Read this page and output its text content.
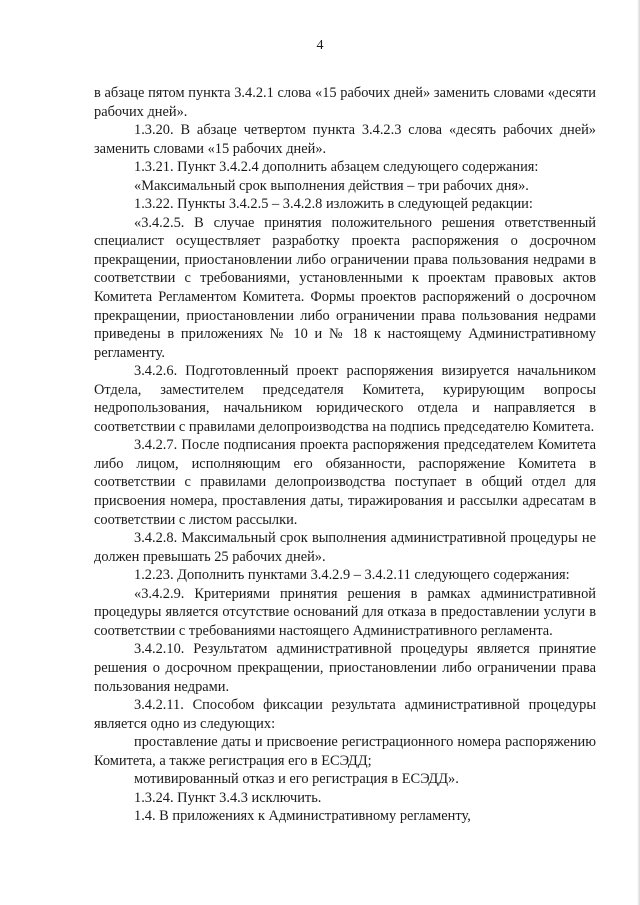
4

в абзаце пятом пункта 3.4.2.1 слова «15 рабочих дней» заменить словами «десяти рабочих дней».

1.3.20. В абзаце четвертом пункта 3.4.2.3 слова «десять рабочих дней» заменить словами «15 рабочих дней».

1.3.21. Пункт 3.4.2.4 дополнить абзацем следующего содержания:

«Максимальный срок выполнения действия – три рабочих дня».

1.3.22. Пункты 3.4.2.5 – 3.4.2.8 изложить в следующей редакции:

«3.4.2.5. В случае принятия положительного решения ответственный специалист осуществляет разработку проекта распоряжения о досрочном прекращении, приостановлении либо ограничении права пользования недрами в соответствии с требованиями, установленными к проектам правовых актов Комитета Регламентом Комитета. Формы проектов распоряжений о досрочном прекращении, приостановлении либо ограничении права пользования недрами приведены в приложениях № 10 и № 18 к настоящему Административному регламенту.

3.4.2.6. Подготовленный проект распоряжения визируется начальником Отдела, заместителем председателя Комитета, курирующим вопросы недропользования, начальником юридического отдела и направляется в соответствии с правилами делопроизводства на подпись председателю Комитета.

3.4.2.7. После подписания проекта распоряжения председателем Комитета либо лицом, исполняющим его обязанности, распоряжение Комитета в соответствии с правилами делопроизводства поступает в общий отдел для присвоения номера, проставления даты, тиражирования и рассылки адресатам в соответствии с листом рассылки.

3.4.2.8. Максимальный срок выполнения административной процедуры не должен превышать 25 рабочих дней».

1.2.23. Дополнить пунктами 3.4.2.9 – 3.4.2.11 следующего содержания:

«3.4.2.9. Критериями принятия решения в рамках административной процедуры является отсутствие оснований для отказа в предоставлении услуги в соответствии с требованиями настоящего Административного регламента.

3.4.2.10. Результатом административной процедуры является принятие решения о досрочном прекращении, приостановлении либо ограничении права пользования недрами.

3.4.2.11. Способом фиксации результата административной процедуры является одно из следующих:

проставление даты и присвоение регистрационного номера распоряжению Комитета, а также регистрация его в ЕСЭДД;

мотивированный отказ и его регистрация в ЕСЭДД».

1.3.24. Пункт 3.4.3 исключить.

1.4. В приложениях к Административному регламенту,
